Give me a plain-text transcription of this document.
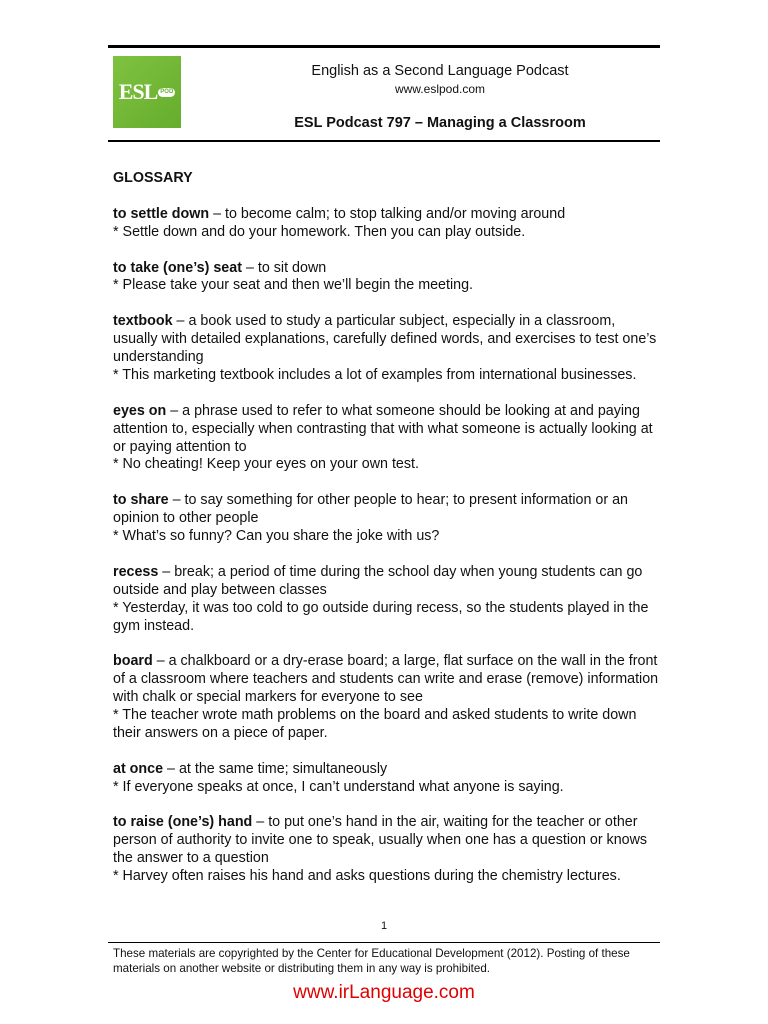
ESL POD
English as a Second Language Podcast
www.eslpod.com
ESL Podcast 797 – Managing a Classroom
GLOSSARY

to settle down – to become calm; to stop talking and/or moving around

* Settle down and do your homework. Then you can play outside.

to take (one’s) seat – to sit down

* Please take your seat and then we’ll begin the meeting.

textbook – a book used to study a particular subject, especially in a classroom, usually with detailed explanations, carefully defined words, and exercises to test one’s understanding

* This marketing textbook includes a lot of examples from international businesses.

eyes on – a phrase used to refer to what someone should be looking at and paying attention to, especially when contrasting that with what someone is actually looking at or paying attention to

* No cheating! Keep your eyes on your own test.

to share – to say something for other people to hear; to present information or an opinion to other people

* What’s so funny? Can you share the joke with us?

recess – break; a period of time during the school day when young students can go outside and play between classes

* Yesterday, it was too cold to go outside during recess, so the students played in the gym instead.

board – a chalkboard or a dry-erase board; a large, flat surface on the wall in the front of a classroom where teachers and students can write and erase (remove) information with chalk or special markers for everyone to see

* The teacher wrote math problems on the board and asked students to write down their answers on a piece of paper.

at once – at the same time; simultaneously

* If everyone speaks at once, I can’t understand what anyone is saying.

to raise (one’s) hand – to put one’s hand in the air, waiting for the teacher or other person of authority to invite one to speak, usually when one has a question or knows the answer to a question

* Harvey often raises his hand and asks questions during the chemistry lectures.

1
These materials are copyrighted by the Center for Educational Development (2012). Posting of these materials on another website or distributing them in any way is prohibited.
www.irLanguage.com
